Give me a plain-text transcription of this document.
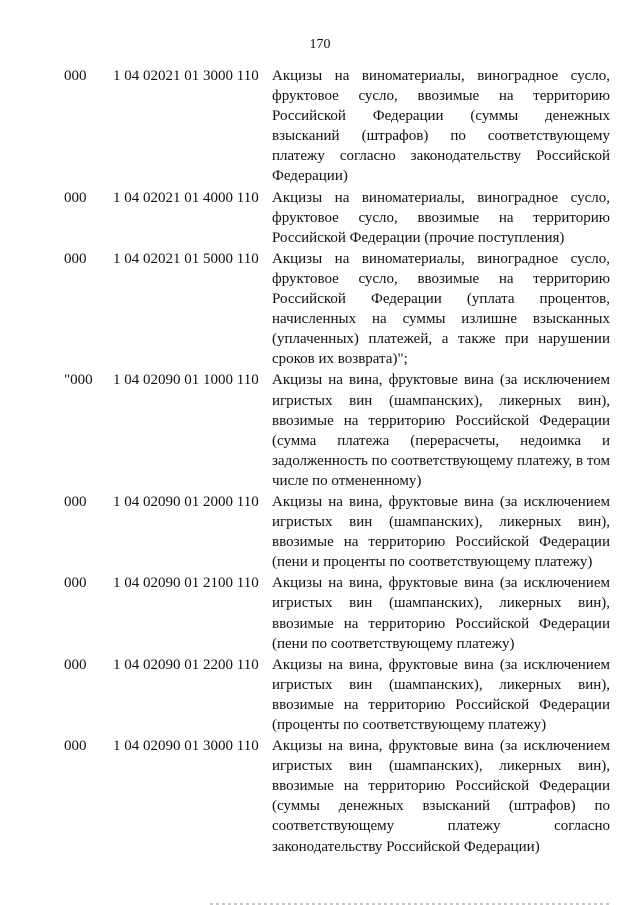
170
000 1 04 02021 01 3000 110 Акцизы на виноматериалы, виноградное сусло, фруктовое сусло, ввозимые на территорию Российской Федерации (суммы денежных взысканий (штрафов) по соответствующему платежу согласно законодательству Российской Федерации)
000 1 04 02021 01 4000 110 Акцизы на виноматериалы, виноградное сусло, фруктовое сусло, ввозимые на территорию Российской Федерации (прочие поступления)
000 1 04 02021 01 5000 110 Акцизы на виноматериалы, виноградное сусло, фруктовое сусло, ввозимые на территорию Российской Федерации (уплата процентов, начисленных на суммы излишне взысканных (уплаченных) платежей, а также при нарушении сроков их возврата)";
"000 1 04 02090 01 1000 110 Акцизы на вина, фруктовые вина (за исключением игристых вин (шампанских), ликерных вин), ввозимые на территорию Российской Федерации (сумма платежа (перерасчеты, недоимка и задолженность по соответствующему платежу, в том числе по отмененному)
000 1 04 02090 01 2000 110 Акцизы на вина, фруктовые вина (за исключением игристых вин (шампанских), ликерных вин), ввозимые на территорию Российской Федерации (пени и проценты по соответствующему платежу)
000 1 04 02090 01 2100 110 Акцизы на вина, фруктовые вина (за исключением игристых вин (шампанских), ликерных вин), ввозимые на территорию Российской Федерации (пени по соответствующему платежу)
000 1 04 02090 01 2200 110 Акцизы на вина, фруктовые вина (за исключением игристых вин (шампанских), ликерных вин), ввозимые на территорию Российской Федерации (проценты по соответствующему платежу)
000 1 04 02090 01 3000 110 Акцизы на вина, фруктовые вина (за исключением игристых вин (шампанских), ликерных вин), ввозимые на территорию Российской Федерации (суммы денежных взысканий (штрафов) по соответствующему платежу согласно законодательству Российской Федерации)
